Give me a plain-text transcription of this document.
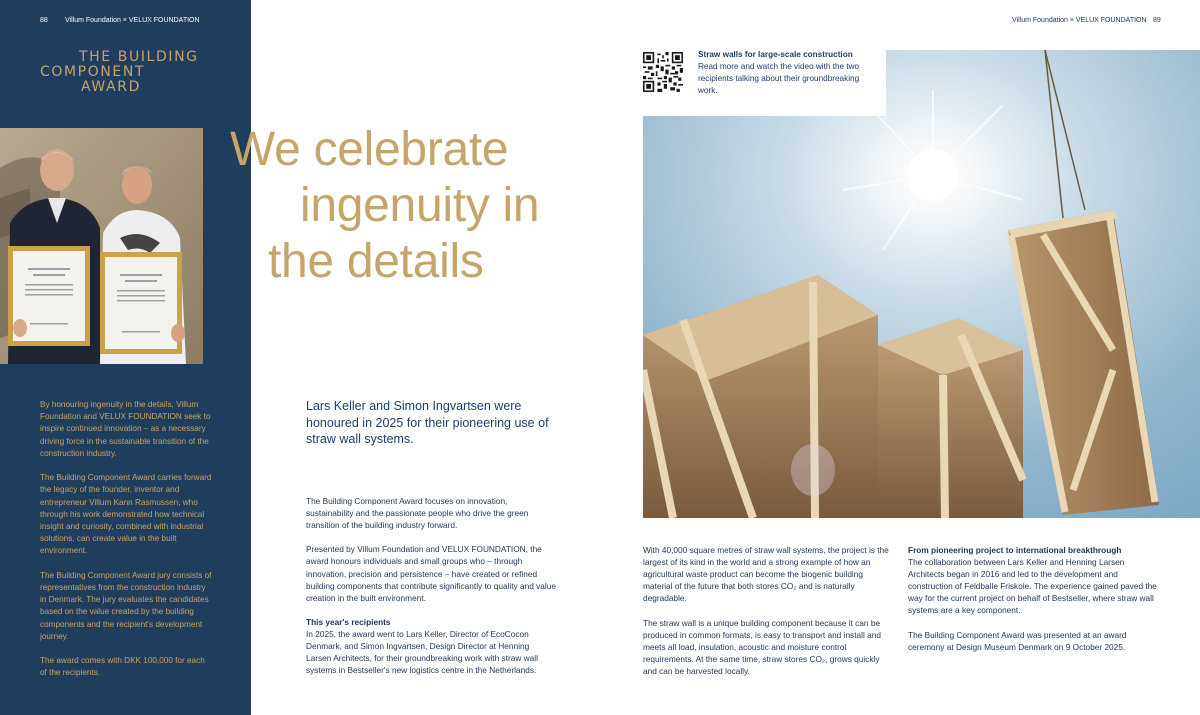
88 Villum Foundation × VELUX FOUNDATION
THE BUILDING
COMPONENT
AWARD

By honouring ingenuity in the details, Villum Foundation and VELUX FOUNDATION seek to inspire continued innovation – as a necessary driving force in the sustainable transition of the construction industry.

The Building Component Award carries forward the legacy of the founder, inventor and entrepreneur Villum Kann Rasmussen, who through his work demonstrated how technical insight and curiosity, combined with industrial solutions, can create value in the built environment.

The Building Component Award jury consists of representatives from the construction industry in Denmark. The jury evaluates the candidates based on the value created by the building components and the recipient's development journey.

The award comes with DKK 100,000 for each of the recipients.

We celebrate
ingenuity in
the details
Lars Keller and Simon Ingvartsen were honoured in 2025 for their pioneering use of straw wall systems.

The Building Component Award focuses on innovation, sustainability and the passionate people who drive the green transition of the building industry forward.

Presented by Villum Foundation and VELUX FOUNDATION, the award honours individuals and small groups who – through innovation, precision and persistence – have created or refined building components that contribute significantly to quality and value creation in the built environment.

This year's recipients

In 2025, the award went to Lars Keller, Director of EcoCocon Denmark, and Simon Ingvartsen, Design Director at Henning Larsen Architects, for their groundbreaking work with straw wall systems in Bestseller's new logistics centre in the Netherlands.

Villum Foundation × VELUX FOUNDATION 89
Straw walls for large-scale construction
Read more and watch the video with the two recipients talking about their groundbreaking work.

With 40,000 square metres of straw wall systems, the project is the largest of its kind in the world and a strong example of how an agricultural waste product can become the biogenic building material of the future that both stores CO₂ and is naturally degradable.

The straw wall is a unique building component because it can be produced in common formats, is easy to transport and install and meets all load, insulation, acoustic and moisture control requirements. At the same time, straw stores CO₂, grows quickly and can be harvested locally.

From pioneering project to international breakthrough

The collaboration between Lars Keller and Henning Larsen Architects began in 2016 and led to the development and construction of Feldballe Friskole. The experience gained paved the way for the current project on behalf of Bestseller, where straw wall systems are a key component.

The Building Component Award was presented at an award ceremony at Design Museum Denmark on 9 October 2025.
